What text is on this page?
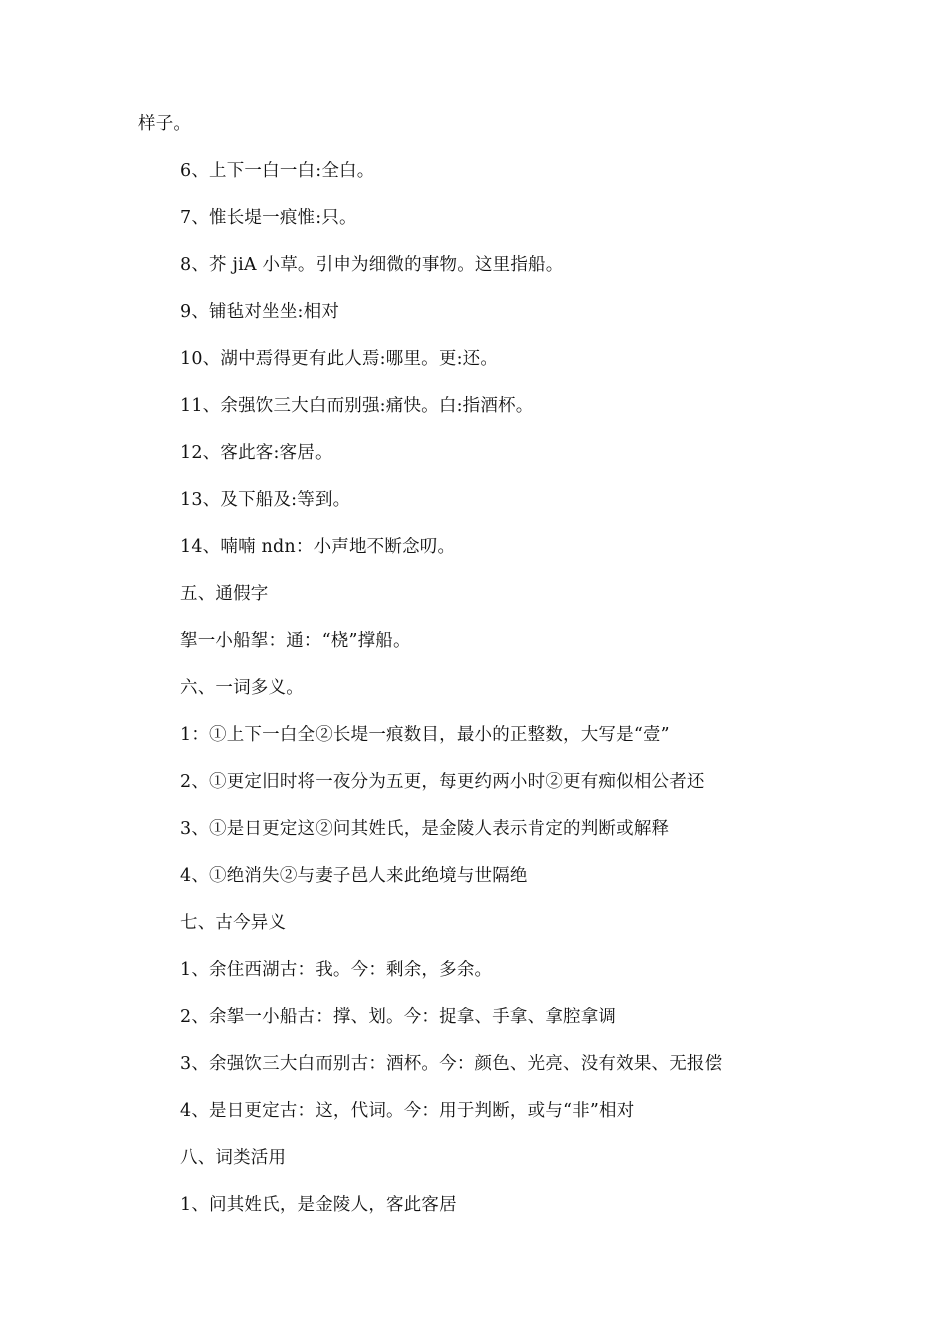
样子。
6、上下一白一白:全白。
7、惟长堤一痕惟:只。
8、芥 jiA 小草。引申为细微的事物。这里指船。
9、铺毡对坐坐:相对
10、湖中焉得更有此人焉:哪里。更:还。
11、余强饮三大白而别强:痛快。白:指酒杯。
12、客此客:客居。
13、及下船及:等到。
14、喃喃 ndn：小声地不断念叨。
五、通假字
挐一小船挐：通：“桡”撑船。
六、一词多义。
1：①上下一白全②长堤一痕数目，最小的正整数，大写是“壹”
2、①更定旧时将一夜分为五更，每更约两小时②更有痴似相公者还
3、①是日更定这②问其姓氏，是金陵人表示肯定的判断或解释
4、①绝消失②与妻子邑人来此绝境与世隔绝
七、古今异义
1、余住西湖古：我。今：剩余，多余。
2、余挐一小船古：撑、划。今：捉拿、手拿、拿腔拿调
3、余强饮三大白而别古：酒杯。今：颜色、光亮、没有效果、无报偿
4、是日更定古：这，代词。今：用于判断，或与“非”相对
八、词类活用
1、问其姓氏，是金陵人，客此客居
